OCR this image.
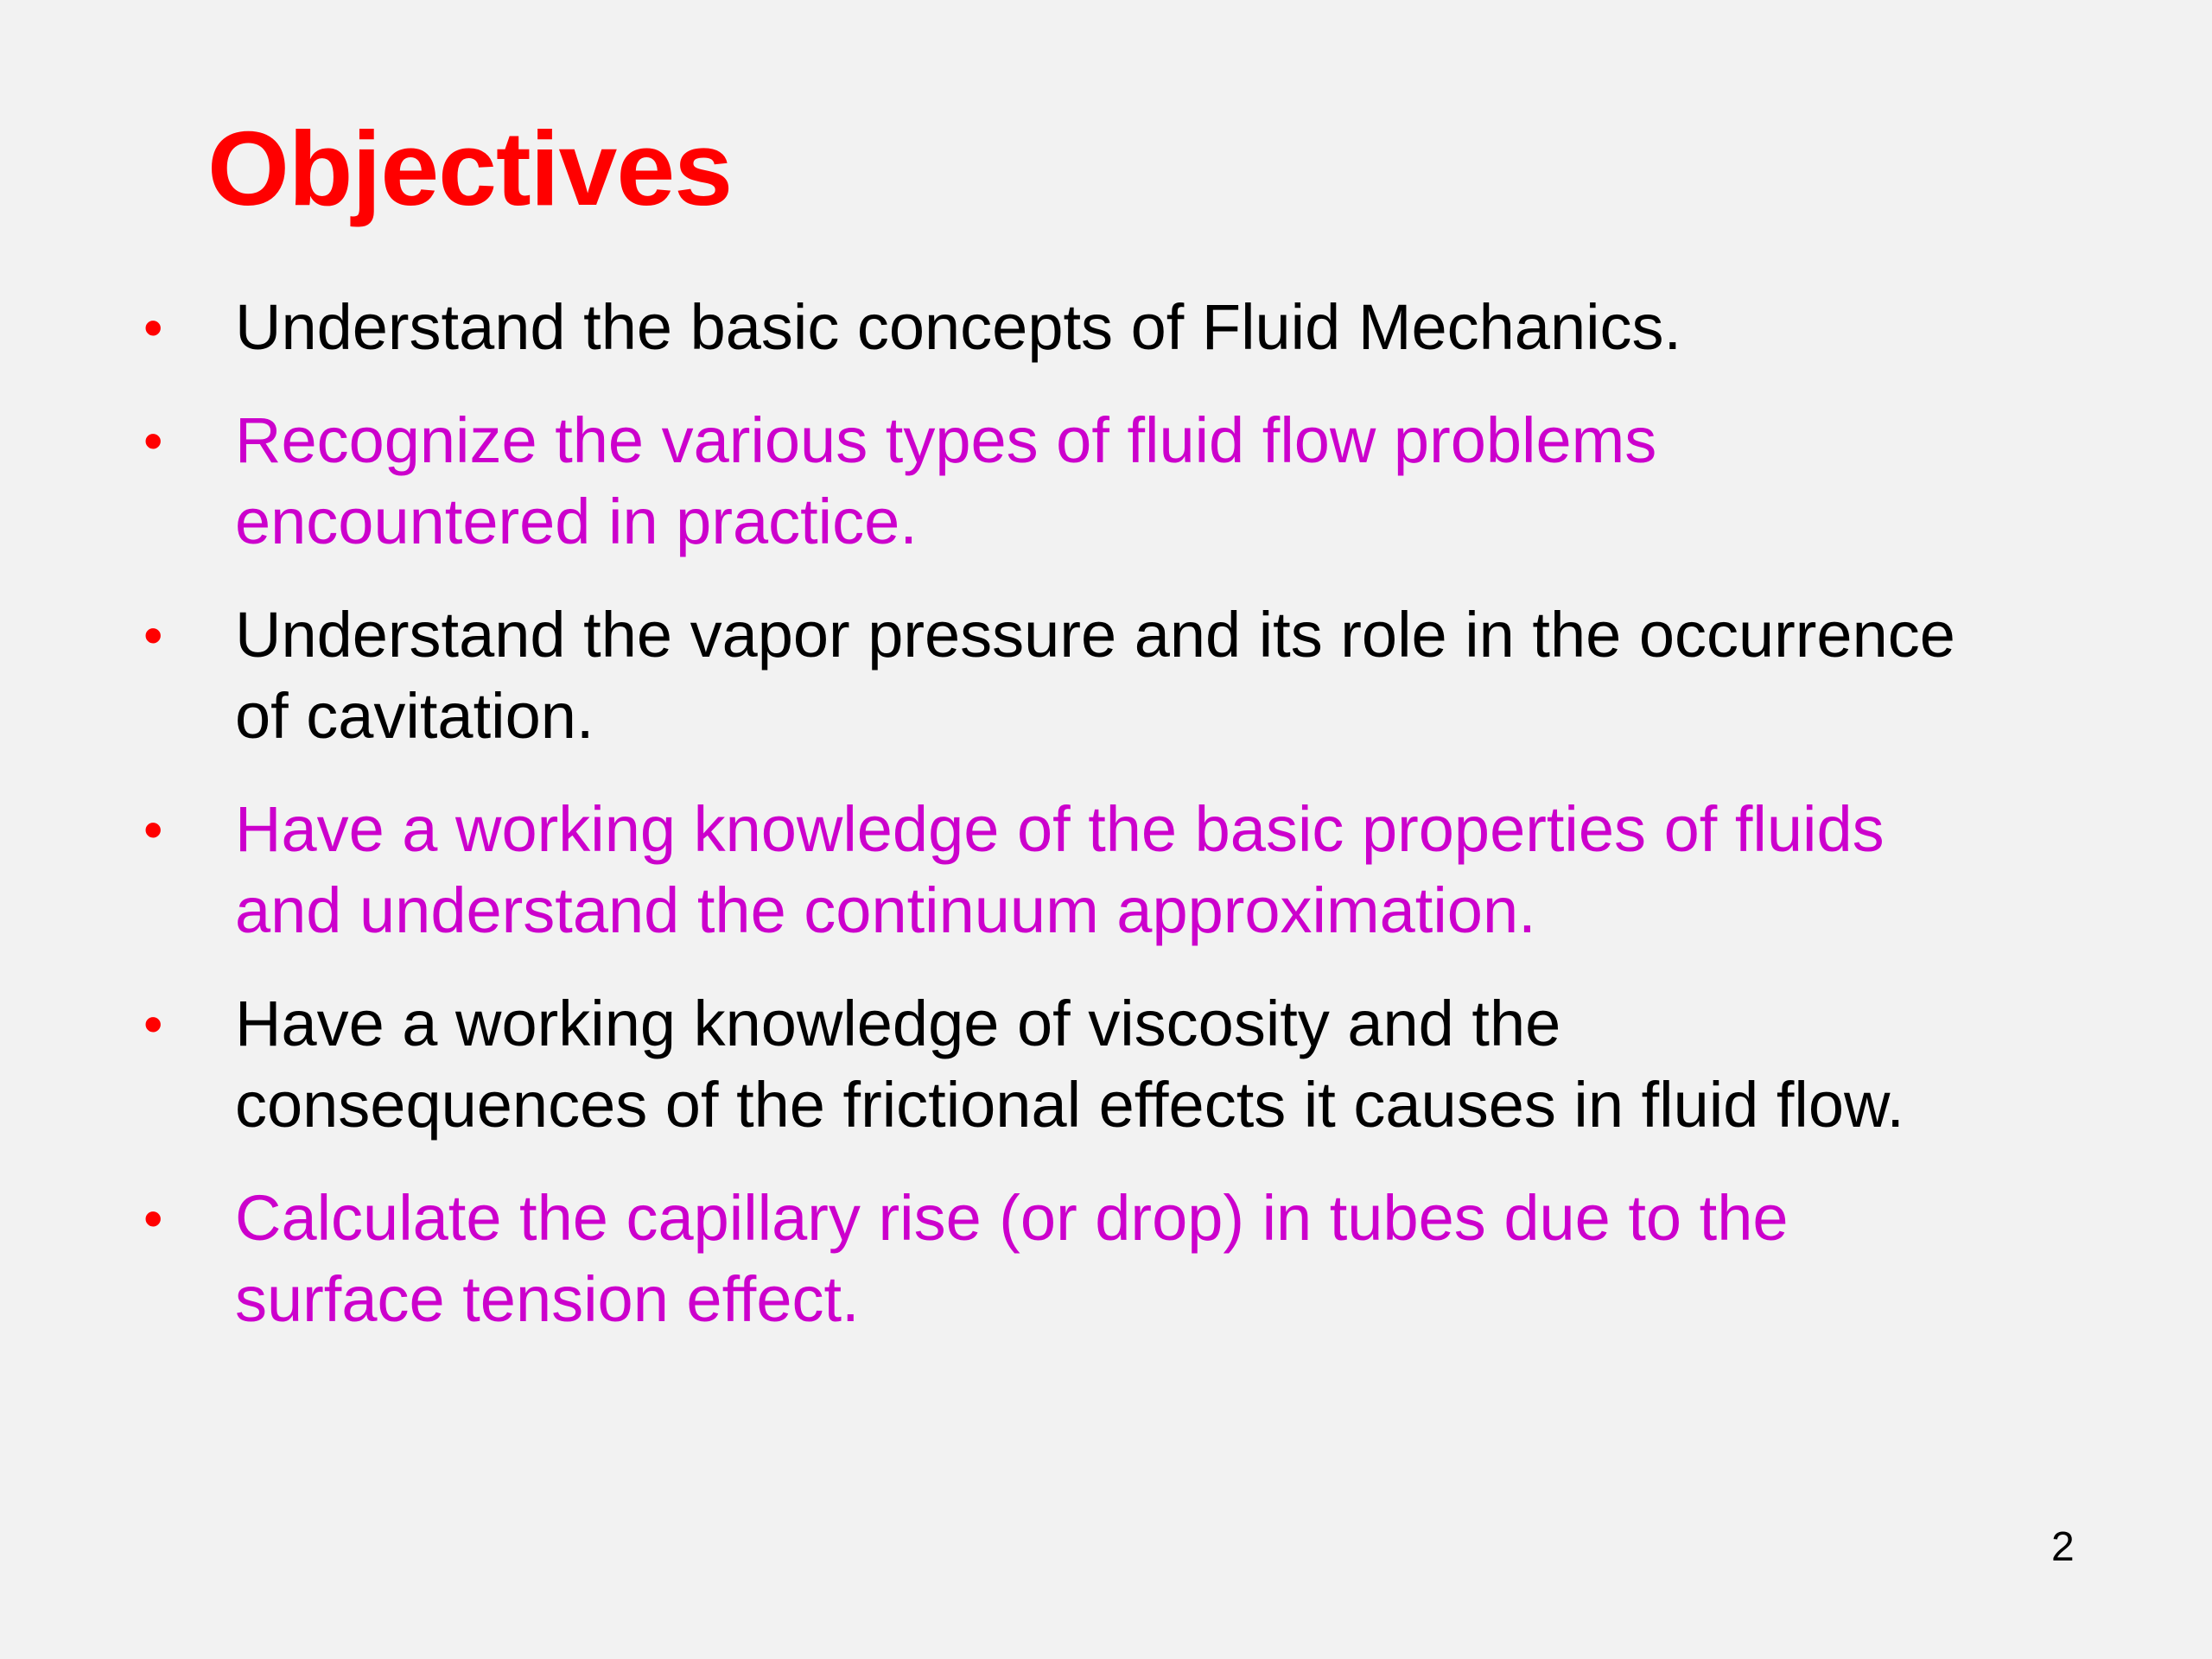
Objectives
•	Understand the basic concepts of Fluid Mechanics.
•	Recognize the various types of fluid flow problems encountered in practice.
•	Understand the vapor pressure and its role in the occurrence of cavitation.
•	Have a working knowledge of the basic properties of fluids and understand the continuum approximation.
•	Have a working knowledge of viscosity and the consequences of the frictional effects it causes in fluid flow.
•	Calculate the capillary rise (or drop) in tubes due to the surface tension effect.
2
